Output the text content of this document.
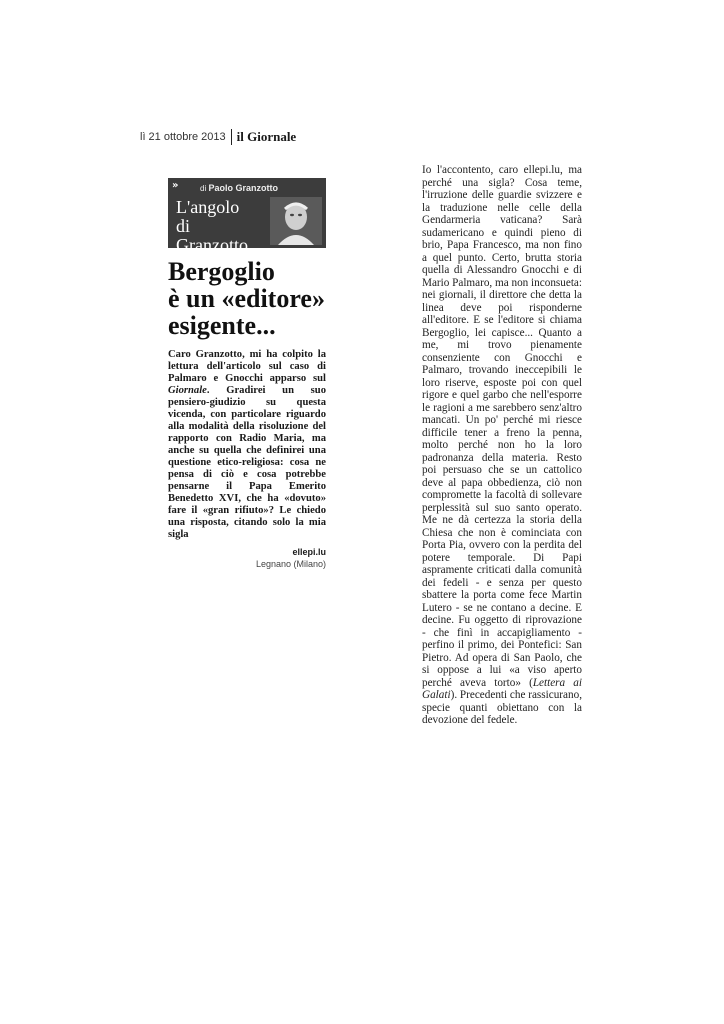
lì 21 ottobre 2013 il Giornale
»	di Paolo Granzotto
L'angolo
di Granzotto
Bergoglio
è un «editore»
esigente...
Caro Granzotto, mi ha colpito la lettura dell'articolo sul caso di Palmaro e Gnocchi apparso sul Giornale. Gradirei un suo pensiero-giudizio su questa vicenda, con particolare riguardo alla modalità della risoluzione del rapporto con Radio Maria, ma anche su quella che definirei una questione etico-religiosa: cosa ne pensa di ciò e cosa potrebbe pensarne il Papa Emerito Benedetto XVI, che ha «dovuto» fare il «gran rifiuto»? Le chiedo una risposta, citando solo la mia sigla
ellepi.lu
Legnano (Milano)

Io l'accontento, caro ellepi.lu, ma perché una sigla? Cosa teme, l'irruzione delle guardie svizzere e la traduzione nelle celle della Gendarmeria vaticana? Sarà sudamericano e quindi pieno di brio, Papa Francesco, ma non fino a quel punto. Certo, brutta storia quella di Alessandro Gnocchi e di Mario Palmaro, ma non inconsueta: nei giornali, il direttore che detta la linea deve poi risponderne all'editore. E se l'editore si chiama Bergoglio, lei capisce... Quanto a me, mi trovo pienamente consenziente con Gnocchi e Palmaro, trovando ineccepibili le loro riserve, esposte poi con quel rigore e quel garbo che nell'esporre le ragioni a me sarebbero senz'altro mancati. Un po' perché mi riesce difficile tener a freno la penna, molto perché non ho la loro padronanza della materia. Resto poi persuaso che se un cattolico deve al papa obbedienza, ciò non compromette la facoltà di sollevare perplessità sul suo santo operato. Me ne dà certezza la storia della Chiesa che non è cominciata con Porta Pia, ovvero con la perdita del potere temporale. Di Papi aspramente criticati dalla comunità dei fedeli - e senza per questo sbattere la porta come fece Martin Lutero - se ne contano a decine. E decine. Fu oggetto di riprovazione - che finì in accapigliamento - perfino il primo, dei Pontefici: San Pietro. Ad opera di San Paolo, che si oppose a lui «a viso aperto perché aveva torto» (Lettera ai Galati). Precedenti che rassicurano, specie quanti obiettano con la devozione del fedele.
